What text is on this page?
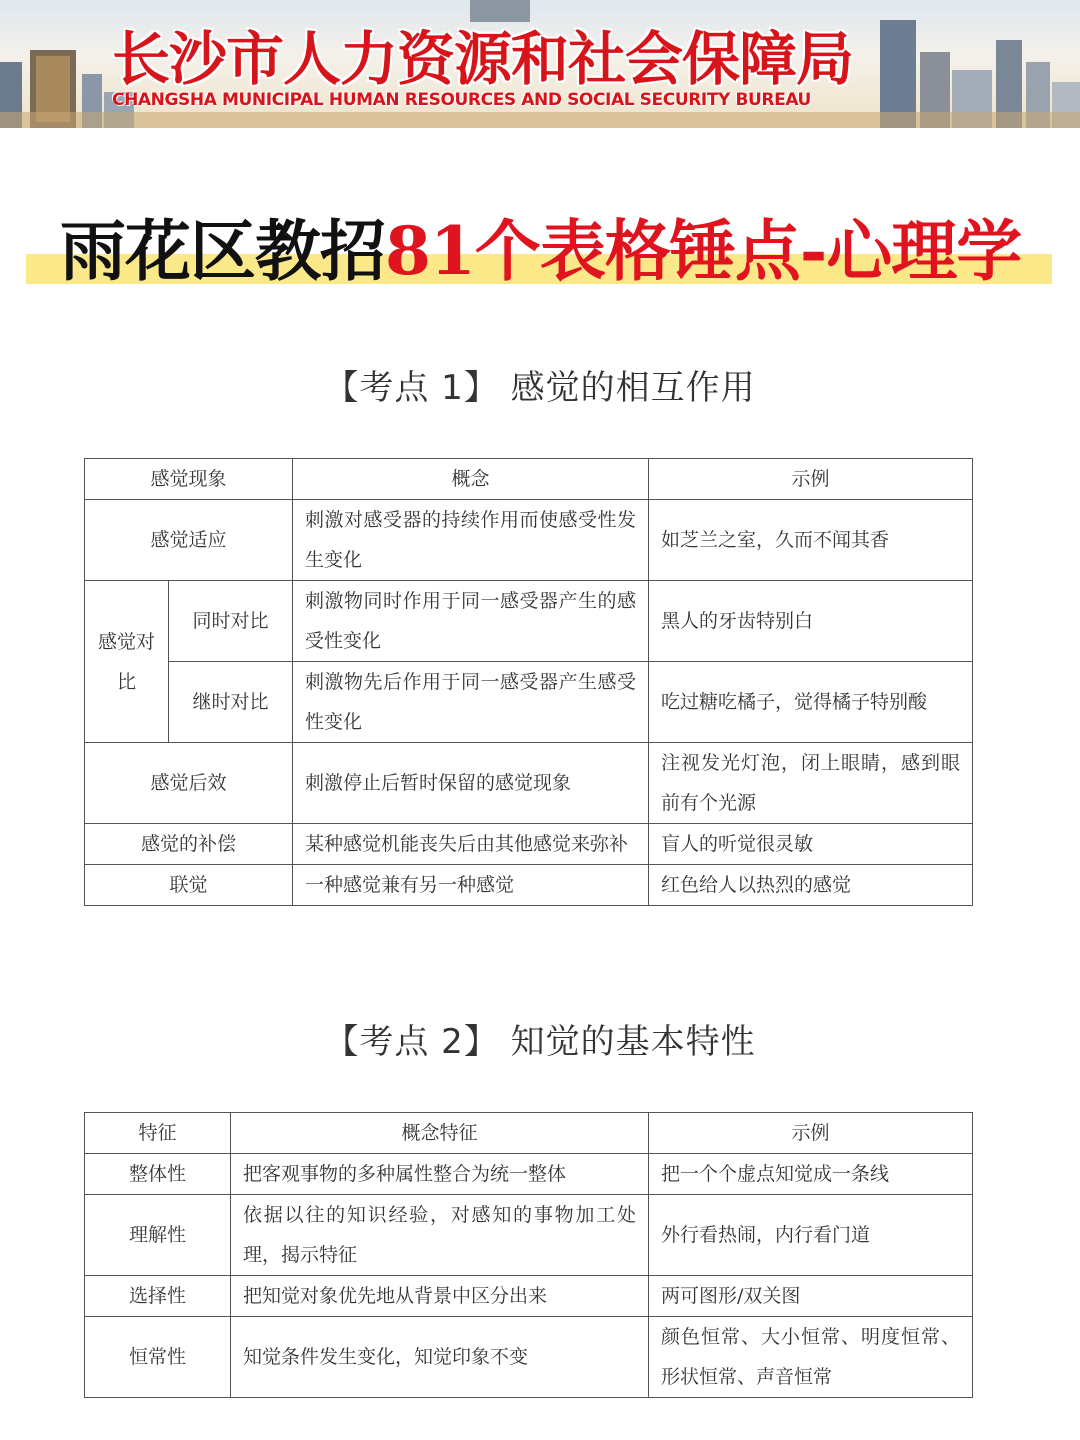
长沙市人力资源和社会保障局
CHANGSHA MUNICIPAL HUMAN RESOURCES AND SOCIAL SECURITY BUREAU
雨花区教招81个表格锤点-心理学
【考点 1】 感觉的相互作用
感觉现象		概念	示例
感觉适应		刺激对感受器的持续作用而使感受性发生变化	如芝兰之室，久而不闻其香
感觉对比	同时对比	刺激物同时作用于同一感受器产生的感受性变化	黑人的牙齿特别白
	继时对比	刺激物先后作用于同一感受器产生感受性变化	吃过糖吃橘子，觉得橘子特别酸
感觉后效		刺激停止后暂时保留的感觉现象	注视发光灯泡，闭上眼睛，感到眼前有个光源
感觉的补偿		某种感觉机能丧失后由其他感觉来弥补	盲人的听觉很灵敏
联觉		一种感觉兼有另一种感觉	红色给人以热烈的感觉
【考点 2】 知觉的基本特性
特征	概念特征	示例
整体性	把客观事物的多种属性整合为统一整体	把一个个虚点知觉成一条线
理解性	依据以往的知识经验，对感知的事物加工处理，揭示特征	外行看热闹，内行看门道
选择性	把知觉对象优先地从背景中区分出来	两可图形/双关图
恒常性	知觉条件发生变化，知觉印象不变	颜色恒常、大小恒常、明度恒常、形状恒常、声音恒常
